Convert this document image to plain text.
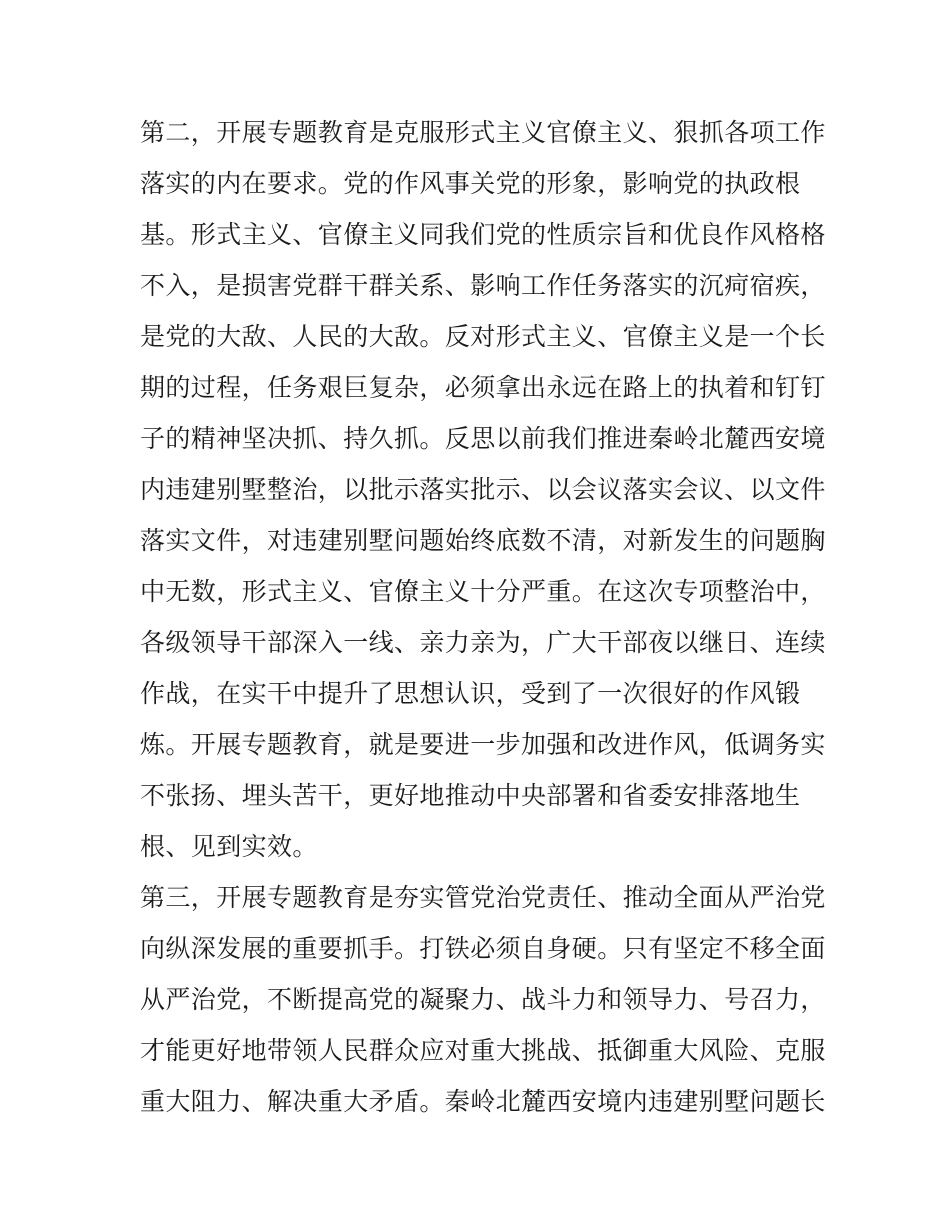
第二，开展专题教育是克服形式主义官僚主义、狠抓各项工作
落实的内在要求。党的作风事关党的形象，影响党的执政根
基。形式主义、官僚主义同我们党的性质宗旨和优良作风格格
不入，是损害党群干群关系、影响工作任务落实的沉疴宿疾，
是党的大敌、人民的大敌。反对形式主义、官僚主义是一个长
期的过程，任务艰巨复杂，必须拿出永远在路上的执着和钉钉
子的精神坚决抓、持久抓。反思以前我们推进秦岭北麓西安境
内违建别墅整治，以批示落实批示、以会议落实会议、以文件
落实文件，对违建别墅问题始终底数不清，对新发生的问题胸
中无数，形式主义、官僚主义十分严重。在这次专项整治中，
各级领导干部深入一线、亲力亲为，广大干部夜以继日、连续
作战，在实干中提升了思想认识，受到了一次很好的作风锻
炼。开展专题教育，就是要进一步加强和改进作风，低调务实
不张扬、埋头苦干，更好地推动中央部署和省委安排落地生
根、见到实效。
第三，开展专题教育是夯实管党治党责任、推动全面从严治党
向纵深发展的重要抓手。打铁必须自身硬。只有坚定不移全面
从严治党，不断提高党的凝聚力、战斗力和领导力、号召力，
才能更好地带领人民群众应对重大挑战、抵御重大风险、克服
重大阻力、解决重大矛盾。秦岭北麓西安境内违建别墅问题长
